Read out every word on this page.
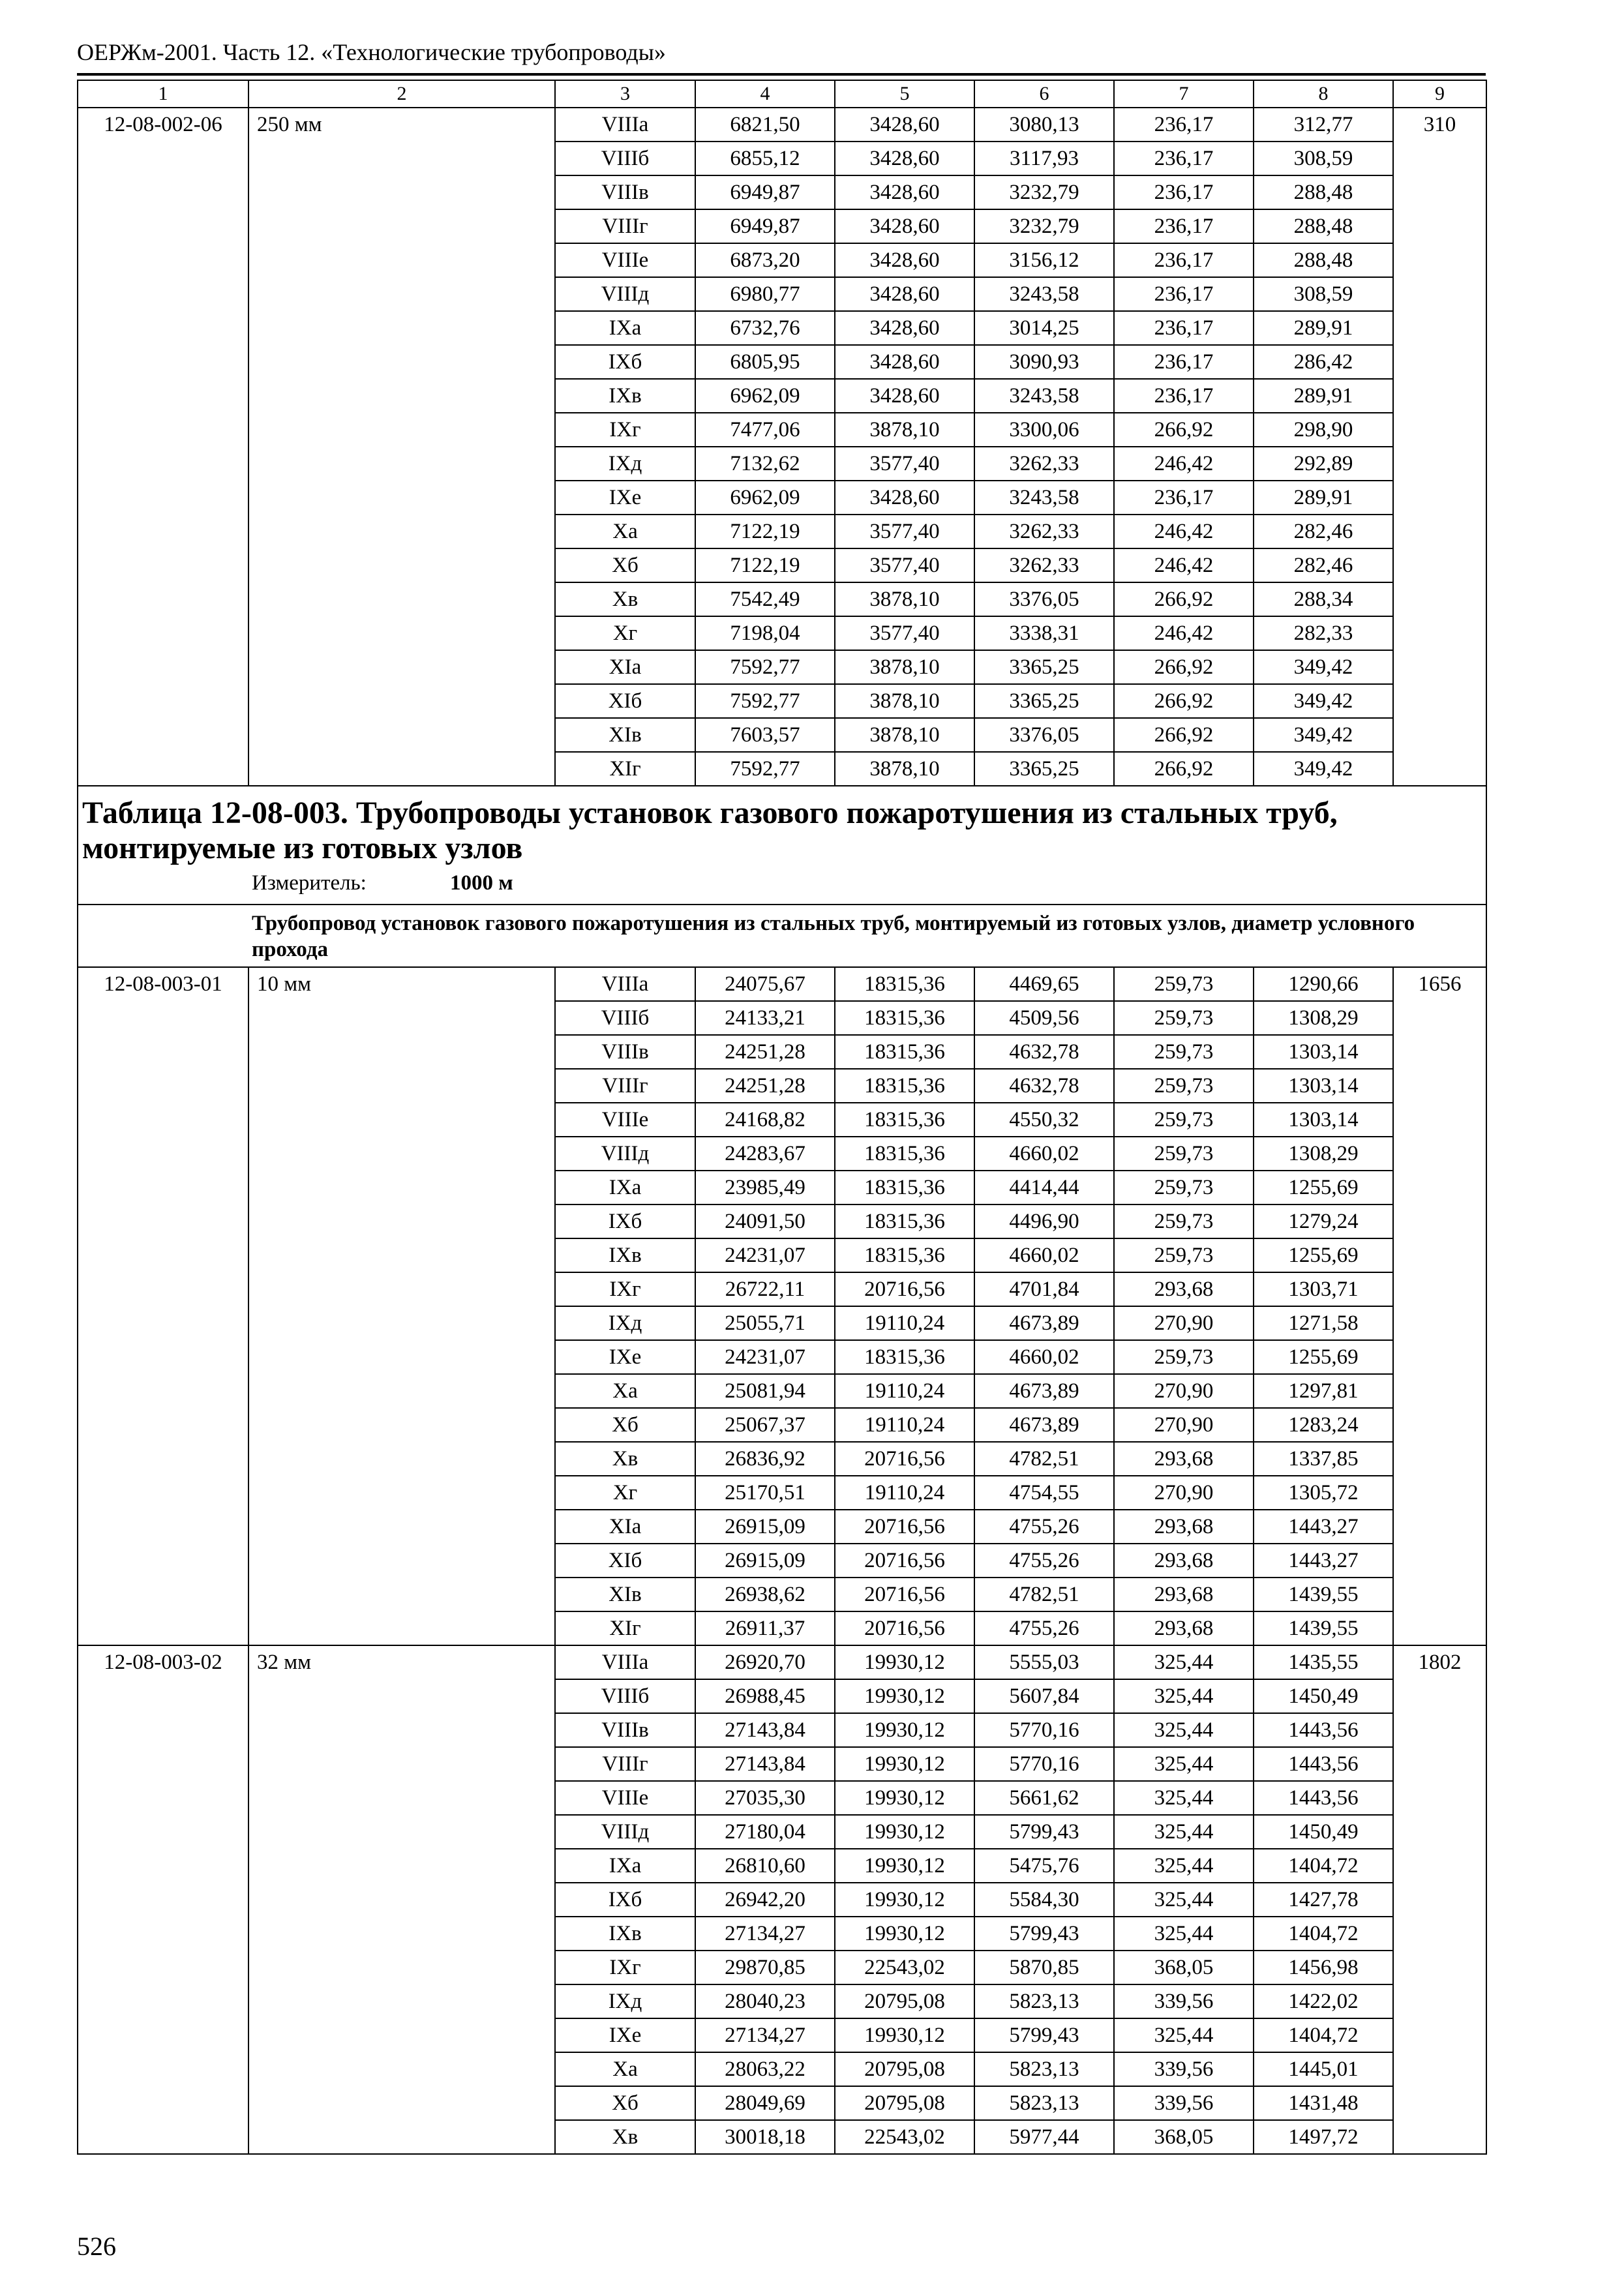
ОЕРЖм-2001. Часть 12. «Технологические трубопроводы»
1	2	3	4	5	6	7	8	9
12-08-002-06	250 мм	VIIIа	6821,50	3428,60	3080,13	236,17	312,77	310
		VIIIб	6855,12	3428,60	3117,93	236,17	308,59	
		VIIIв	6949,87	3428,60	3232,79	236,17	288,48	
		VIIIг	6949,87	3428,60	3232,79	236,17	288,48	
		VIIIе	6873,20	3428,60	3156,12	236,17	288,48	
		VIIIд	6980,77	3428,60	3243,58	236,17	308,59	
		IXа	6732,76	3428,60	3014,25	236,17	289,91	
		IXб	6805,95	3428,60	3090,93	236,17	286,42	
		IXв	6962,09	3428,60	3243,58	236,17	289,91	
		IXг	7477,06	3878,10	3300,06	266,92	298,90	
		IXд	7132,62	3577,40	3262,33	246,42	292,89	
		IXе	6962,09	3428,60	3243,58	236,17	289,91	
		Xа	7122,19	3577,40	3262,33	246,42	282,46	
		Xб	7122,19	3577,40	3262,33	246,42	282,46	
		Xв	7542,49	3878,10	3376,05	266,92	288,34	
		Xг	7198,04	3577,40	3338,31	246,42	282,33	
		XIа	7592,77	3878,10	3365,25	266,92	349,42	
		XIб	7592,77	3878,10	3365,25	266,92	349,42	
		XIв	7603,57	3878,10	3376,05	266,92	349,42	
		XIг	7592,77	3878,10	3365,25	266,92	349,42	

Таблица 12-08-003. Трубопроводы установок газового пожаротушения из стальных труб, монтируемые из готовых узлов
Измеритель: 1000 м								

Трубопровод установок газового пожаротушения из стальных труб, монтируемый из готовых узлов, диаметр условного прохода								

12-08-003-01	10 мм	VIIIа	24075,67	18315,36	4469,65	259,73	1290,66	1656
		VIIIб	24133,21	18315,36	4509,56	259,73	1308,29	
		VIIIв	24251,28	18315,36	4632,78	259,73	1303,14	
		VIIIг	24251,28	18315,36	4632,78	259,73	1303,14	
		VIIIе	24168,82	18315,36	4550,32	259,73	1303,14	
		VIIIд	24283,67	18315,36	4660,02	259,73	1308,29	
		IXа	23985,49	18315,36	4414,44	259,73	1255,69	
		IXб	24091,50	18315,36	4496,90	259,73	1279,24	
		IXв	24231,07	18315,36	4660,02	259,73	1255,69	
		IXг	26722,11	20716,56	4701,84	293,68	1303,71	
		IXд	25055,71	19110,24	4673,89	270,90	1271,58	
		IXе	24231,07	18315,36	4660,02	259,73	1255,69	
		Xа	25081,94	19110,24	4673,89	270,90	1297,81	
		Xб	25067,37	19110,24	4673,89	270,90	1283,24	
		Xв	26836,92	20716,56	4782,51	293,68	1337,85	
		Xг	25170,51	19110,24	4754,55	270,90	1305,72	
		XIа	26915,09	20716,56	4755,26	293,68	1443,27	
		XIб	26915,09	20716,56	4755,26	293,68	1443,27	
		XIв	26938,62	20716,56	4782,51	293,68	1439,55	
		XIг	26911,37	20716,56	4755,26	293,68	1439,55	
12-08-003-02	32 мм	VIIIа	26920,70	19930,12	5555,03	325,44	1435,55	1802
		VIIIб	26988,45	19930,12	5607,84	325,44	1450,49	
		VIIIв	27143,84	19930,12	5770,16	325,44	1443,56	
		VIIIг	27143,84	19930,12	5770,16	325,44	1443,56	
		VIIIе	27035,30	19930,12	5661,62	325,44	1443,56	
		VIIIд	27180,04	19930,12	5799,43	325,44	1450,49	
		IXа	26810,60	19930,12	5475,76	325,44	1404,72	
		IXб	26942,20	19930,12	5584,30	325,44	1427,78	
		IXв	27134,27	19930,12	5799,43	325,44	1404,72	
		IXг	29870,85	22543,02	5870,85	368,05	1456,98	
		IXд	28040,23	20795,08	5823,13	339,56	1422,02	
		IXе	27134,27	19930,12	5799,43	325,44	1404,72	
		Xа	28063,22	20795,08	5823,13	339,56	1445,01	
		Xб	28049,69	20795,08	5823,13	339,56	1431,48	
		Xв	30018,18	22543,02	5977,44	368,05	1497,72	
526
